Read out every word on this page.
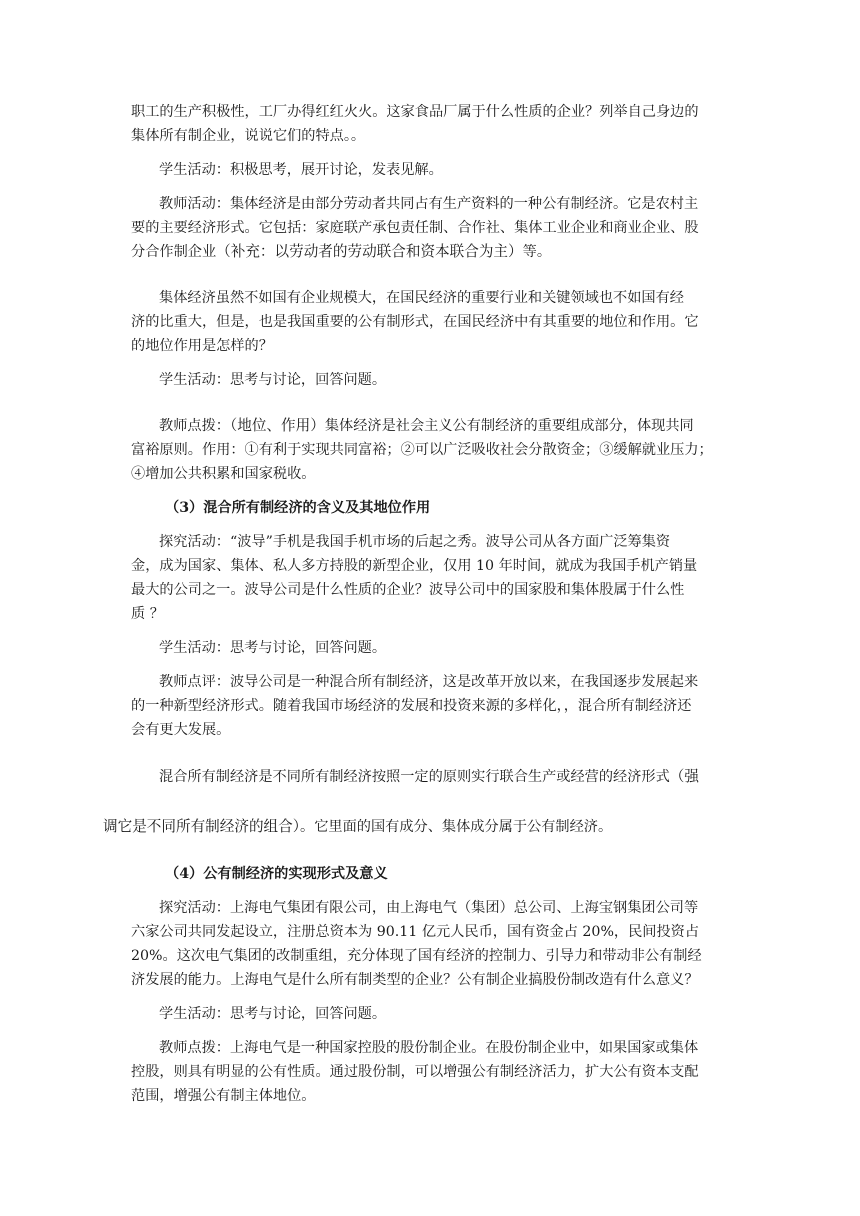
职工的生产积极性，工厂办得红红火火。这家食品厂属于什么性质的企业？列举自己身边的
集体所有制企业，说说它们的特点。。

学生活动：积极思考，展开讨论，发表见解。

教师活动：集体经济是由部分劳动者共同占有生产资料的一种公有制经济。它是农村主
要的主要经济形式。它包括：家庭联产承包责任制、合作社、集体工业企业和商业企业、股
分合作制企业（补充：以劳动者的劳动联合和资本联合为主）等。

集体经济虽然不如国有企业规模大，在国民经济的重要行业和关键领域也不如国有经
济的比重大，但是，也是我国重要的公有制形式，在国民经济中有其重要的地位和作用。它
的地位作用是怎样的？

学生活动：思考与讨论，回答问题。

教师点拨：（地位、作用）集体经济是社会主义公有制经济的重要组成部分，体现共同
富裕原则。作用：①有利于实现共同富裕；②可以广泛吸收社会分散资金；③缓解就业压力；
④增加公共积累和国家税收。

（3）混合所有制经济的含义及其地位作用

探究活动：“波导”手机是我国手机市场的后起之秀。波导公司从各方面广泛筹集资
金，成为国家、集体、私人多方持股的新型企业，仅用 10 年时间，就成为我国手机产销量
最大的公司之一。波导公司是什么性质的企业？波导公司中的国家股和集体股属于什么性
质 ？

学生活动：思考与讨论，回答问题。

教师点评：波导公司是一种混合所有制经济，这是改革开放以来，在我国逐步发展起来
的一种新型经济形式。随着我国市场经济的发展和投资来源的多样化，，混合所有制经济还
会有更大发展。

混合所有制经济是不同所有制经济按照一定的原则实行联合生产或经营的经济形式（强
调它是不同所有制经济的组合）。它里面的国有成分、集体成分属于公有制经济。

（4）公有制经济的实现形式及意义

探究活动：上海电气集团有限公司，由上海电气（集团）总公司、上海宝钢集团公司等
六家公司共同发起设立，注册总资本为 90.11 亿元人民币，国有资金占 20%，民间投资占
20%。这次电气集团的改制重组，充分体现了国有经济的控制力、引导力和带动非公有制经
济发展的能力。上海电气是什么所有制类型的企业？公有制企业搞股份制改造有什么意义？

学生活动：思考与讨论，回答问题。

教师点拨：上海电气是一种国家控股的股份制企业。在股份制企业中，如果国家或集体
控股，则具有明显的公有性质。通过股份制，可以增强公有制经济活力，扩大公有资本支配
范围，增强公有制主体地位。
